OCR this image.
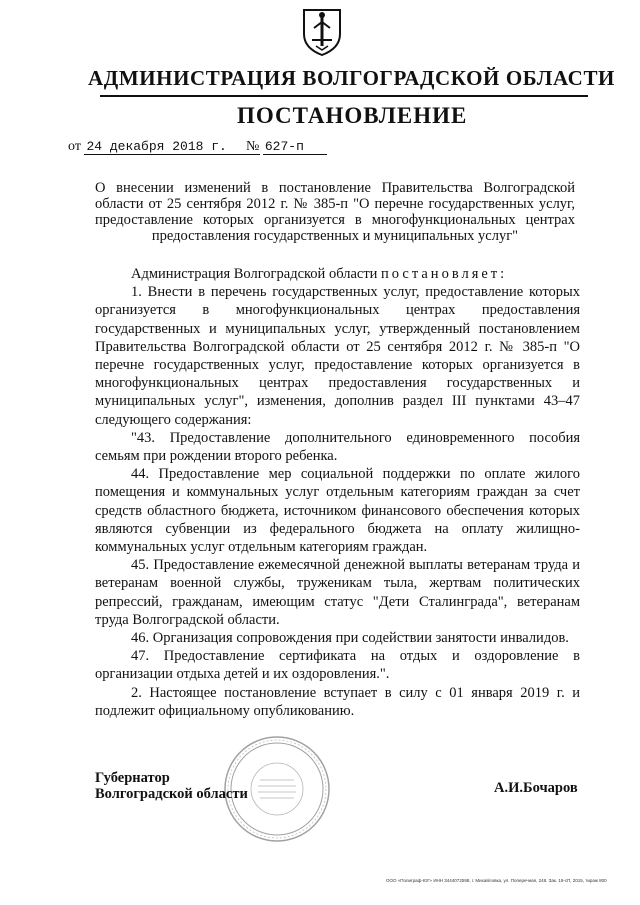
АДМИНИСТРАЦИЯ ВОЛГОГРАДСКОЙ ОБЛАСТИ
ПОСТАНОВЛЕНИЕ
от 24 декабря 2018 г.	№ 627-п
О внесении изменений в постановление Правительства Волгоградской области от 25 сентября 2012 г. № 385-п "О перечне государственных услуг, предоставление которых организуется в многофункциональных центрах предоставления государственных и муниципальных услуг"

Администрация Волгоградской области постановляет:

1. Внести в перечень государственных услуг, предоставление которых организуется в многофункциональных центрах предоставления государственных и муниципальных услуг, утвержденный постановлением Правительства Волгоградской области от 25 сентября 2012 г. № 385-п "О перечне государственных услуг, предоставление которых организуется в многофункциональных центрах предоставления государственных и муниципальных услуг", изменения, дополнив раздел III пунктами 43–47 следующего содержания:

"43. Предоставление дополнительного единовременного пособия семьям при рождении второго ребенка.

44. Предоставление мер социальной поддержки по оплате жилого помещения и коммунальных услуг отдельным категориям граждан за счет средств областного бюджета, источником финансового обеспечения которых являются субвенции из федерального бюджета на оплату жилищно-коммунальных услуг отдельным категориям граждан.

45. Предоставление ежемесячной денежной выплаты ветеранам труда и ветеранам военной службы, труженикам тыла, жертвам политических репрессий, гражданам, имеющим статус "Дети Сталинграда", ветеранам труда Волгоградской области.

46. Организация сопровождения при содействии занятости инвалидов.

47. Предоставление сертификата на отдых и оздоровление в организации отдыха детей и их оздоровления.".

2. Настоящее постановление вступает в силу с 01 января 2019 г. и подлежит официальному опубликованию.

Губернатор
Волгоградской области	А.И.Бочаров
ООО «Полиграф-ЮГ» ИНН 3444072598, г. Михайловка, ул. Поперечная, 248. Зак. 19-сП, 2015, тираж 800
